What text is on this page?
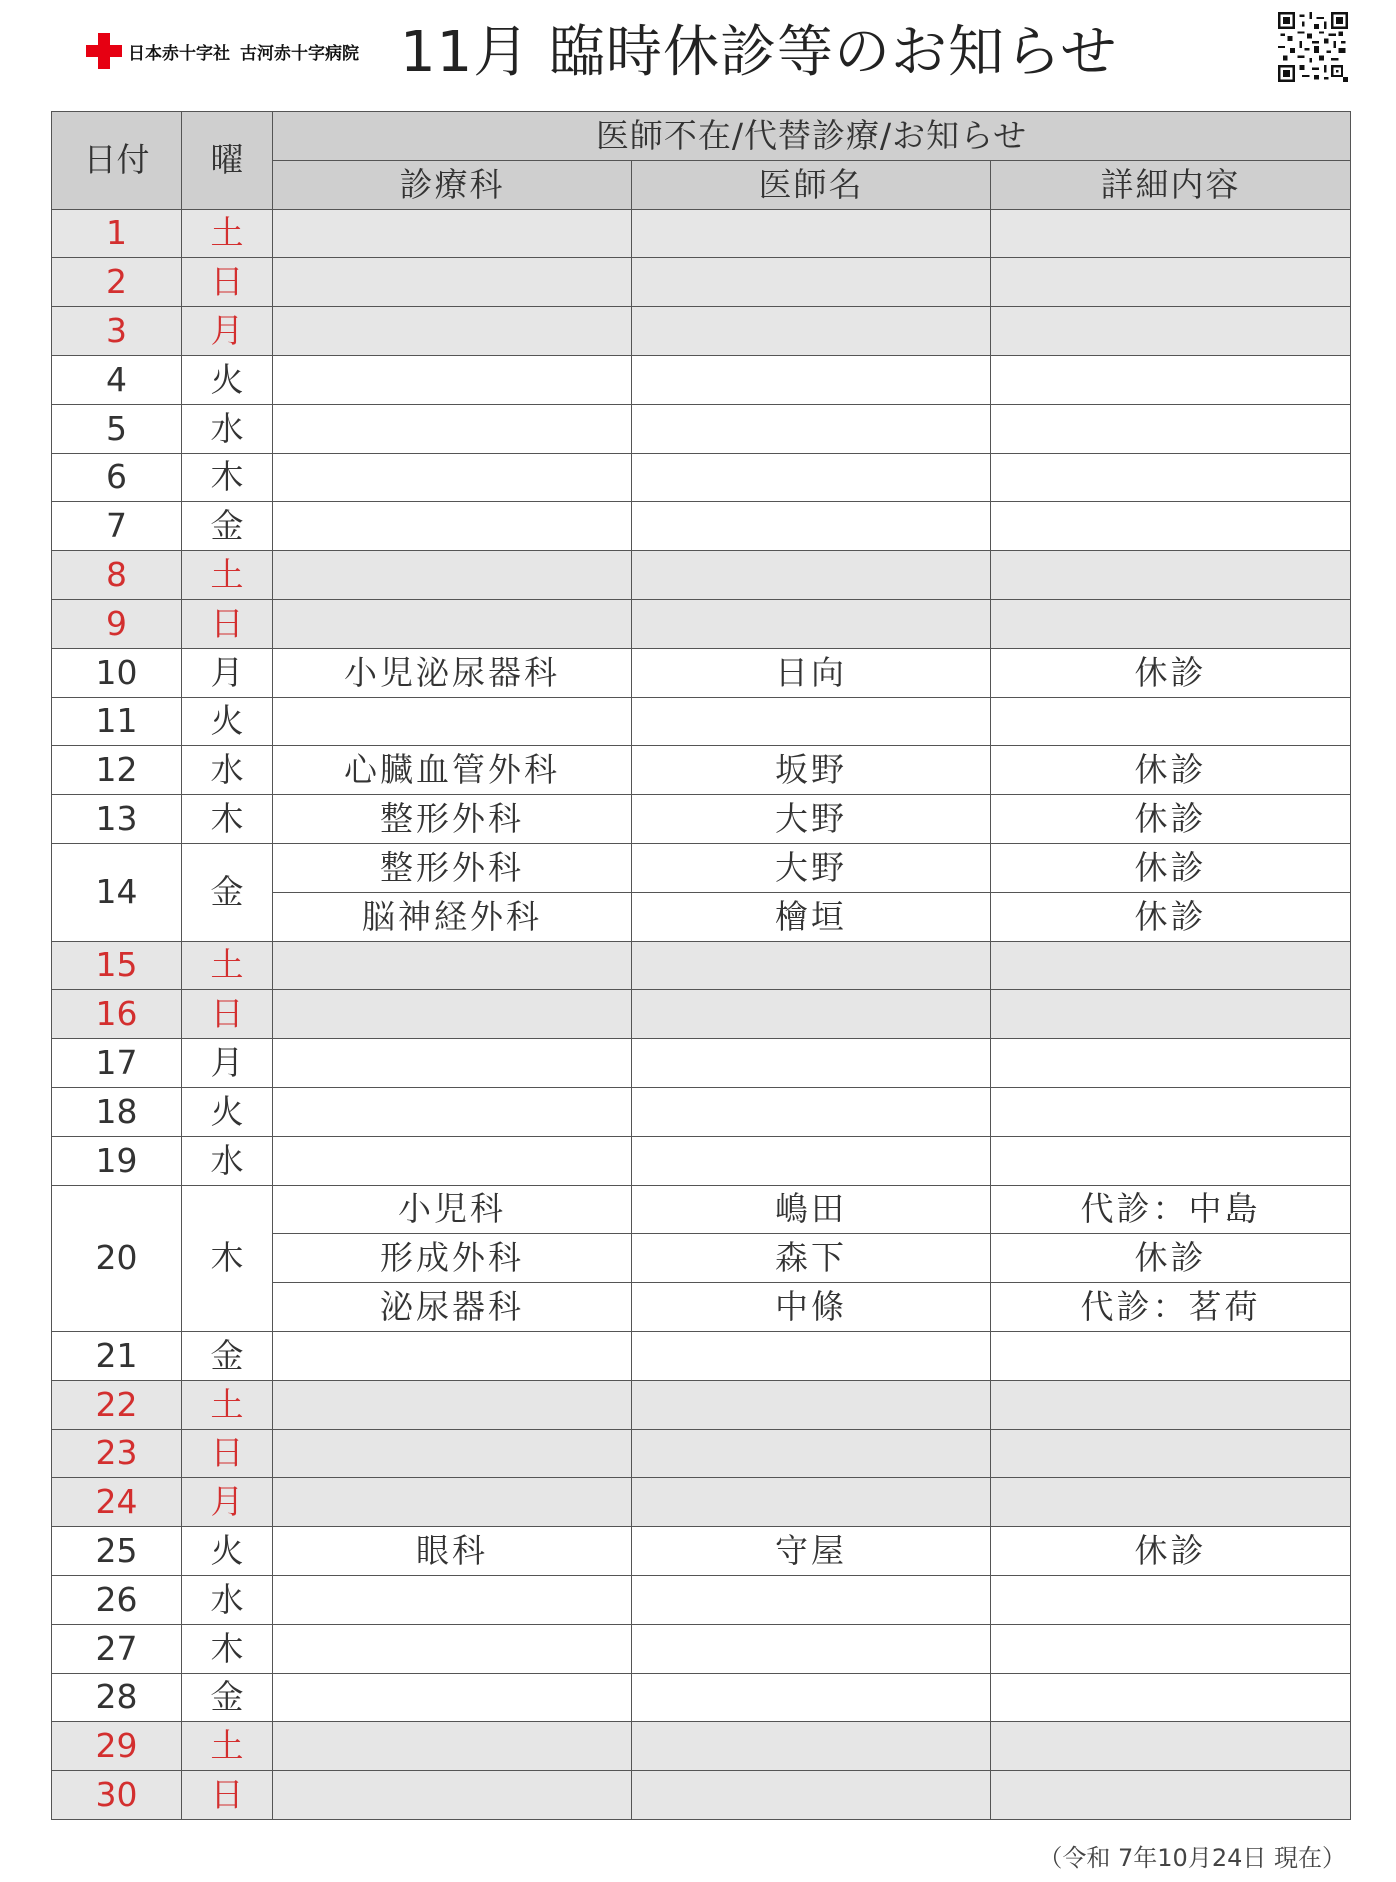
日本赤十字社 古河赤十字病院 11月 臨時休診等のお知らせ
日付	曜	医師不在/代替診療/お知らせ		
		診療科	医師名	詳細内容
1	土			
2	日			
3	月			
4	火			
5	水			
6	木			
7	金			
8	土			
9	日			
10	月	小児泌尿器科	日向	休診
11	火			
12	水	心臓血管外科	坂野	休診
13	木	整形外科	大野	休診
14	金	整形外科	大野	休診
		脳神経外科	檜垣	休診
15	土			
16	日			
17	月			
18	火			
19	水			
20	木	小児科	嶋田	代診：中島
		形成外科	森下	休診
		泌尿器科	中條	代診：茗荷
21	金			
22	土			
23	日			
24	月			
25	火	眼科	守屋	休診
26	水			
27	木			
28	金			
29	土			
30	日			
（令和 7年10月24日 現在）
